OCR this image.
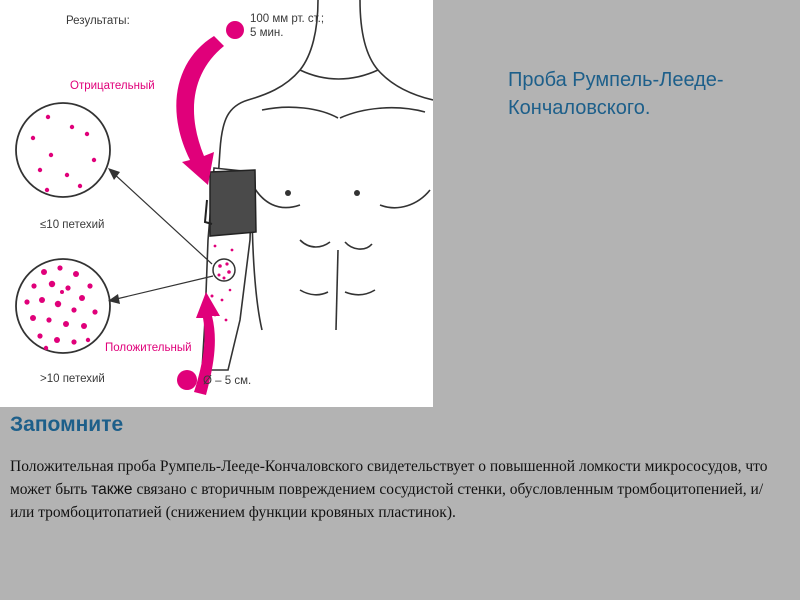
Результаты:	100 мм рт. ст.;
5 мин.
Отрицательный
≤10 петехий
Положительный
>10 петехий	Ø – 5 см.
Проба Румпель-Лееде-Кончаловского.
Запомните
Положительная проба Румпель-Лееде-Кончаловского свидетельствует о повышенной ломкости микрососудов, что может быть также связано с вторичным повреждением сосудистой стенки, обусловленным тромбоцитопенией, и/или тромбоцитопатией (снижением функции кровяных пластинок).
